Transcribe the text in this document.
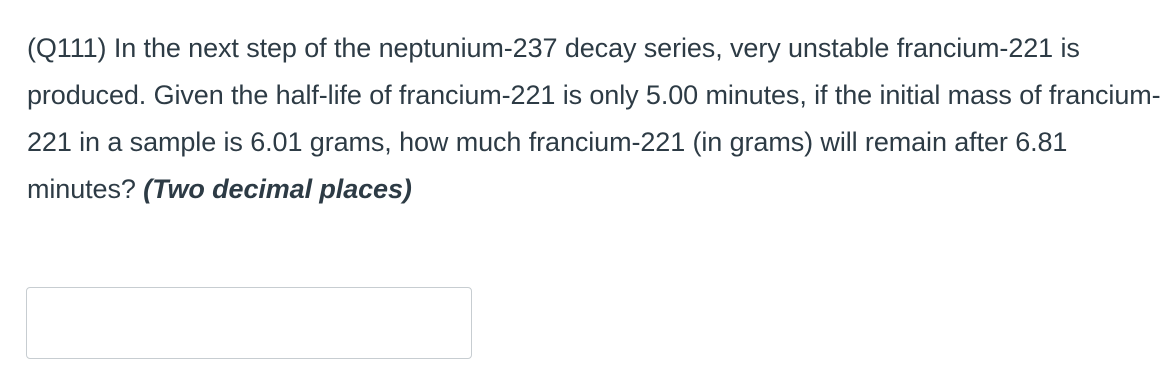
(Q111) In the next step of the neptunium-237 decay series, very unstable francium-221 is produced. Given the half-life of francium-221 is only 5.00 minutes, if the initial mass of francium-221 in a sample is 6.01 grams, how much francium-221 (in grams) will remain after 6.81 minutes? (Two decimal places)
